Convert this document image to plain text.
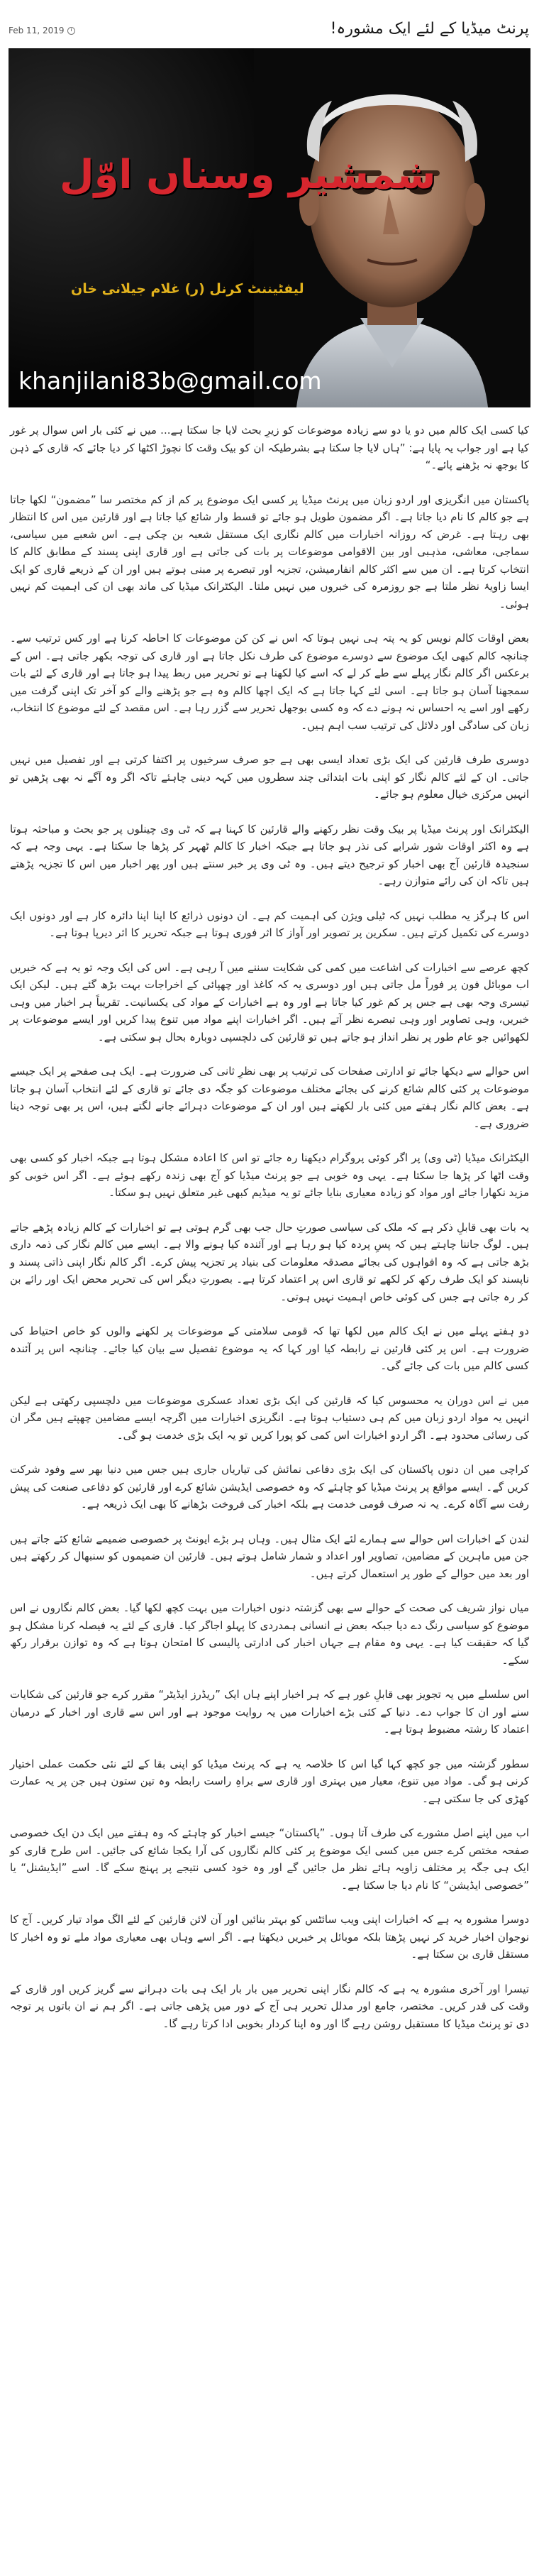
Feb 11, 2019	پرنٹ میڈیا کے لئے ایک مشورہ!
شمشیر وسناں اوّل
لیفٹیننٹ کرنل (ر) غلام جیلانی خان
khanjilani83b@gmail.com

کیا کسی ایک کالم میں دو یا دو سے زیادہ موضوعات کو زیرِ بحث لایا جا سکتا ہے... میں نے کئی بار اس سوال پر غور کیا ہے اور جواب یہ پایا ہے: ”ہاں لایا جا سکتا ہے بشرطیکہ ان کو بیک وقت کا نچوڑ اکٹھا کر دیا جائے کہ قاری کے ذہن کا بوجھ نہ بڑھنے پائے۔“

پاکستان میں انگریزی اور اردو زبان میں پرنٹ میڈیا پر کسی ایک موضوع پر کم از کم مختصر سا ”مضمون“ لکھا جاتا ہے جو کالم کا نام دیا جاتا ہے۔ اگر مضمون طویل ہو جائے تو قسط وار شائع کیا جاتا ہے اور قارئین میں اس کا انتظار بھی رہتا ہے۔ غرض کہ روزانہ اخبارات میں کالم نگاری ایک مستقل شعبہ بن چکی ہے۔ اس شعبے میں سیاسی، سماجی، معاشی، مذہبی اور بین الاقوامی موضوعات پر بات کی جاتی ہے اور قاری اپنی پسند کے مطابق کالم کا انتخاب کرتا ہے۔ ان میں سے اکثر کالم انفارمیشن، تجزیہ اور تبصرے پر مبنی ہوتے ہیں اور ان کے ذریعے قاری کو ایک ایسا زاویۂ نظر ملتا ہے جو روزمرہ کی خبروں میں نہیں ملتا۔ الیکٹرانک میڈیا کی ماند بھی ان کی اہمیت کم نہیں ہوئی۔

بعض اوقات کالم نویس کو یہ پتہ ہی نہیں ہوتا کہ اس نے کن کن موضوعات کا احاطہ کرنا ہے اور کس ترتیب سے۔ چنانچہ کالم کبھی ایک موضوع سے دوسرے موضوع کی طرف نکل جاتا ہے اور قاری کی توجہ بکھر جاتی ہے۔ اس کے برعکس اگر کالم نگار پہلے سے طے کر لے کہ اسے کیا لکھنا ہے تو تحریر میں ربط پیدا ہو جاتا ہے اور قاری کے لئے بات سمجھنا آسان ہو جاتا ہے۔ اسی لئے کہا جاتا ہے کہ ایک اچھا کالم وہ ہے جو پڑھنے والے کو آخر تک اپنی گرفت میں رکھے اور اسے یہ احساس نہ ہونے دے کہ وہ کسی بوجھل تحریر سے گزر رہا ہے۔ اس مقصد کے لئے موضوع کا انتخاب، زبان کی سادگی اور دلائل کی ترتیب سب اہم ہیں۔

دوسری طرف قارئین کی ایک بڑی تعداد ایسی بھی ہے جو صرف سرخیوں پر اکتفا کرتی ہے اور تفصیل میں نہیں جاتی۔ ان کے لئے کالم نگار کو اپنی بات ابتدائی چند سطروں میں کہہ دینی چاہئے تاکہ اگر وہ آگے نہ بھی پڑھیں تو انہیں مرکزی خیال معلوم ہو جائے۔

الیکٹرانک اور پرنٹ میڈیا پر بیک وقت نظر رکھنے والے قارئین کا کہنا ہے کہ ٹی وی چینلوں پر جو بحث و مباحثہ ہوتا ہے وہ اکثر اوقات شور شرابے کی نذر ہو جاتا ہے جبکہ اخبار کا کالم ٹھہر کر پڑھا جا سکتا ہے۔ یہی وجہ ہے کہ سنجیدہ قارئین آج بھی اخبار کو ترجیح دیتے ہیں۔ وہ ٹی وی پر خبر سنتے ہیں اور پھر اخبار میں اس کا تجزیہ پڑھتے ہیں تاکہ ان کی رائے متوازن رہے۔

اس کا ہرگز یہ مطلب نہیں کہ ٹیلی ویژن کی اہمیت کم ہے۔ ان دونوں ذرائع کا اپنا اپنا دائرہ کار ہے اور دونوں ایک دوسرے کی تکمیل کرتے ہیں۔ سکرین پر تصویر اور آواز کا اثر فوری ہوتا ہے جبکہ تحریر کا اثر دیرپا ہوتا ہے۔

کچھ عرصے سے اخبارات کی اشاعت میں کمی کی شکایت سننے میں آ رہی ہے۔ اس کی ایک وجہ تو یہ ہے کہ خبریں اب موبائل فون پر فوراً مل جاتی ہیں اور دوسری یہ کہ کاغذ اور چھپائی کے اخراجات بہت بڑھ گئے ہیں۔ لیکن ایک تیسری وجہ بھی ہے جس پر کم غور کیا جاتا ہے اور وہ ہے اخبارات کے مواد کی یکسانیت۔ تقریباً ہر اخبار میں وہی خبریں، وہی تصاویر اور وہی تبصرے نظر آتے ہیں۔ اگر اخبارات اپنے مواد میں تنوع پیدا کریں اور ایسے موضوعات پر لکھوائیں جو عام طور پر نظر انداز ہو جاتے ہیں تو قارئین کی دلچسپی دوبارہ بحال ہو سکتی ہے۔

اس حوالے سے دیکھا جائے تو ادارتی صفحات کی ترتیب پر بھی نظرِ ثانی کی ضرورت ہے۔ ایک ہی صفحے پر ایک جیسے موضوعات پر کئی کالم شائع کرنے کی بجائے مختلف موضوعات کو جگہ دی جائے تو قاری کے لئے انتخاب آسان ہو جاتا ہے۔ بعض کالم نگار ہفتے میں کئی بار لکھتے ہیں اور ان کے موضوعات دہرائے جانے لگتے ہیں، اس پر بھی توجہ دینا ضروری ہے۔

الیکٹرانک میڈیا (ٹی وی) پر اگر کوئی پروگرام دیکھنا رہ جائے تو اس کا اعادہ مشکل ہوتا ہے جبکہ اخبار کو کسی بھی وقت اٹھا کر پڑھا جا سکتا ہے۔ یہی وہ خوبی ہے جو پرنٹ میڈیا کو آج بھی زندہ رکھے ہوئے ہے۔ اگر اس خوبی کو مزید نکھارا جائے اور مواد کو زیادہ معیاری بنایا جائے تو یہ میڈیم کبھی غیر متعلق نہیں ہو سکتا۔

یہ بات بھی قابلِ ذکر ہے کہ ملک کی سیاسی صورتِ حال جب بھی گرم ہوتی ہے تو اخبارات کے کالم زیادہ پڑھے جاتے ہیں۔ لوگ جاننا چاہتے ہیں کہ پسِ پردہ کیا ہو رہا ہے اور آئندہ کیا ہونے والا ہے۔ ایسے میں کالم نگار کی ذمہ داری بڑھ جاتی ہے کہ وہ افواہوں کی بجائے مصدقہ معلومات کی بنیاد پر تجزیہ پیش کرے۔ اگر کالم نگار اپنی ذاتی پسند و ناپسند کو ایک طرف رکھ کر لکھے تو قاری اس پر اعتماد کرتا ہے۔ بصورتِ دیگر اس کی تحریر محض ایک اور رائے بن کر رہ جاتی ہے جس کی کوئی خاص اہمیت نہیں ہوتی۔

دو ہفتے پہلے میں نے ایک کالم میں لکھا تھا کہ قومی سلامتی کے موضوعات پر لکھنے والوں کو خاص احتیاط کی ضرورت ہے۔ اس پر کئی قارئین نے رابطہ کیا اور کہا کہ یہ موضوع تفصیل سے بیان کیا جائے۔ چنانچہ اس پر آئندہ کسی کالم میں بات کی جائے گی۔

میں نے اس دوران یہ محسوس کیا کہ قارئین کی ایک بڑی تعداد عسکری موضوعات میں دلچسپی رکھتی ہے لیکن انہیں یہ مواد اردو زبان میں کم ہی دستیاب ہوتا ہے۔ انگریزی اخبارات میں اگرچہ ایسے مضامین چھپتے ہیں مگر ان کی رسائی محدود ہے۔ اگر اردو اخبارات اس کمی کو پورا کریں تو یہ ایک بڑی خدمت ہو گی۔

کراچی میں ان دنوں پاکستان کی ایک بڑی دفاعی نمائش کی تیاریاں جاری ہیں جس میں دنیا بھر سے وفود شرکت کریں گے۔ ایسے مواقع پر پرنٹ میڈیا کو چاہئے کہ وہ خصوصی ایڈیشن شائع کرے اور قارئین کو دفاعی صنعت کی پیش رفت سے آگاہ کرے۔ یہ نہ صرف قومی خدمت ہے بلکہ اخبار کی فروخت بڑھانے کا بھی ایک ذریعہ ہے۔

لندن کے اخبارات اس حوالے سے ہمارے لئے ایک مثال ہیں۔ وہاں ہر بڑے ایونٹ پر خصوصی ضمیمے شائع کئے جاتے ہیں جن میں ماہرین کے مضامین، تصاویر اور اعداد و شمار شامل ہوتے ہیں۔ قارئین ان ضمیموں کو سنبھال کر رکھتے ہیں اور بعد میں حوالے کے طور پر استعمال کرتے ہیں۔

میاں نواز شریف کی صحت کے حوالے سے بھی گزشتہ دنوں اخبارات میں بہت کچھ لکھا گیا۔ بعض کالم نگاروں نے اس موضوع کو سیاسی رنگ دے دیا جبکہ بعض نے انسانی ہمدردی کا پہلو اجاگر کیا۔ قاری کے لئے یہ فیصلہ کرنا مشکل ہو گیا کہ حقیقت کیا ہے۔ یہی وہ مقام ہے جہاں اخبار کی ادارتی پالیسی کا امتحان ہوتا ہے کہ وہ توازن برقرار رکھ سکے۔

اس سلسلے میں یہ تجویز بھی قابلِ غور ہے کہ ہر اخبار اپنے ہاں ایک ”ریڈرز ایڈیٹر“ مقرر کرے جو قارئین کی شکایات سنے اور ان کا جواب دے۔ دنیا کے کئی بڑے اخبارات میں یہ روایت موجود ہے اور اس سے قاری اور اخبار کے درمیان اعتماد کا رشتہ مضبوط ہوتا ہے۔

سطور گزشتہ میں جو کچھ کہا گیا اس کا خلاصہ یہ ہے کہ پرنٹ میڈیا کو اپنی بقا کے لئے نئی حکمت عملی اختیار کرنی ہو گی۔ مواد میں تنوع، معیار میں بہتری اور قاری سے براہِ راست رابطہ وہ تین ستون ہیں جن پر یہ عمارت کھڑی کی جا سکتی ہے۔

اب میں اپنے اصل مشورے کی طرف آتا ہوں۔ ”پاکستان“ جیسے اخبار کو چاہئے کہ وہ ہفتے میں ایک دن ایک خصوصی صفحہ مختص کرے جس میں کسی ایک موضوع پر کئی کالم نگاروں کی آرا یکجا شائع کی جائیں۔ اس طرح قاری کو ایک ہی جگہ پر مختلف زاویہ ہائے نظر مل جائیں گے اور وہ خود کسی نتیجے پر پہنچ سکے گا۔ اسے ”ایڈیشنل“ یا ”خصوصی ایڈیشن“ کا نام دیا جا سکتا ہے۔

دوسرا مشورہ یہ ہے کہ اخبارات اپنی ویب سائٹس کو بہتر بنائیں اور آن لائن قارئین کے لئے الگ مواد تیار کریں۔ آج کا نوجوان اخبار خرید کر نہیں پڑھتا بلکہ موبائل پر خبریں دیکھتا ہے۔ اگر اسے وہاں بھی معیاری مواد ملے تو وہ اخبار کا مستقل قاری بن سکتا ہے۔

تیسرا اور آخری مشورہ یہ ہے کہ کالم نگار اپنی تحریر میں بار بار ایک ہی بات دہرانے سے گریز کریں اور قاری کے وقت کی قدر کریں۔ مختصر، جامع اور مدلل تحریر ہی آج کے دور میں پڑھی جاتی ہے۔ اگر ہم نے ان باتوں پر توجہ دی تو پرنٹ میڈیا کا مستقبل روشن رہے گا اور وہ اپنا کردار بخوبی ادا کرتا رہے گا۔
